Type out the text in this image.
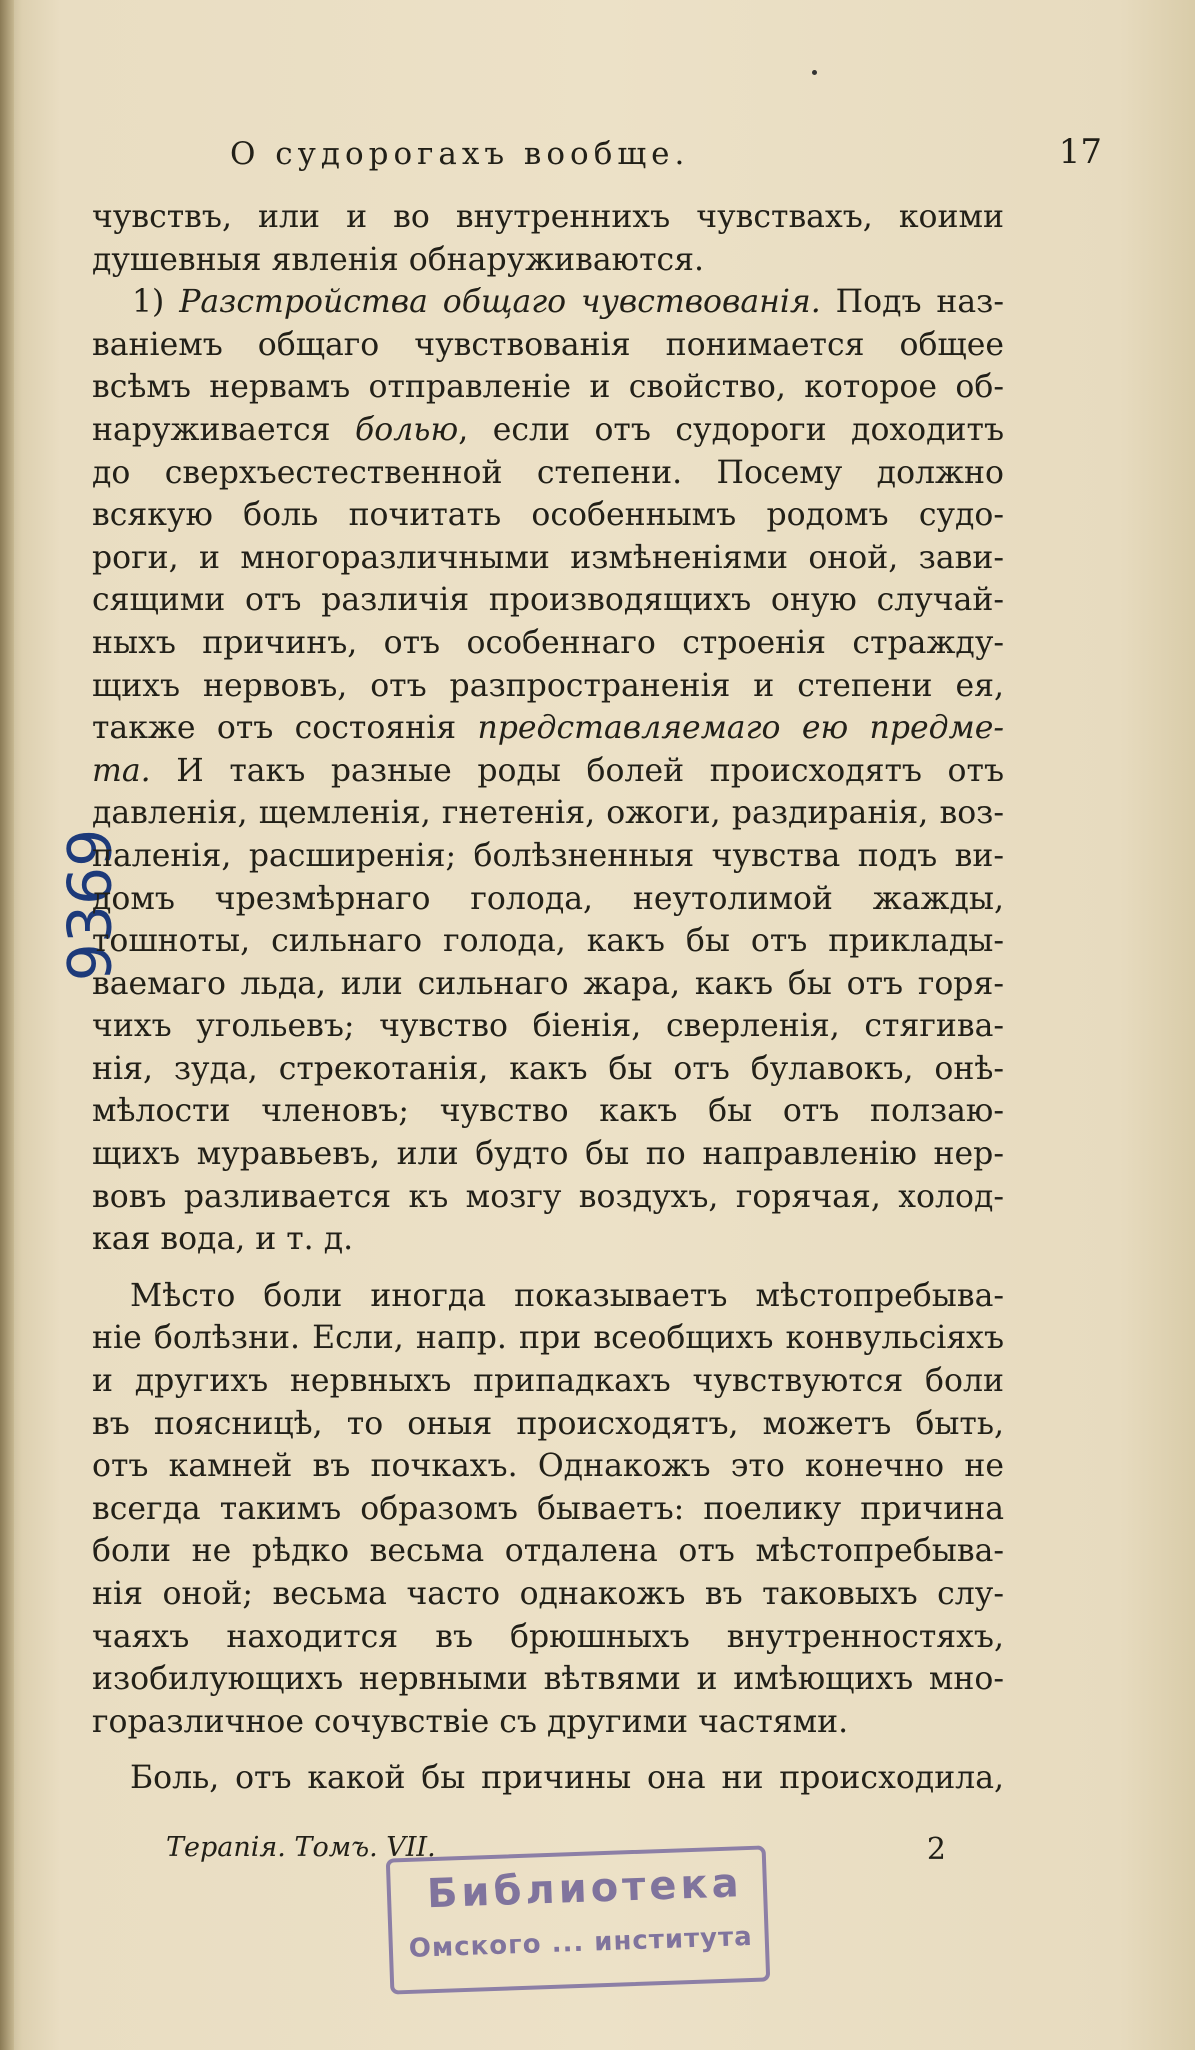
О судорогахъ вообще.	17
9369
чувствъ, или и во внутреннихъ чувствахъ, коими
душевныя явленія обнаруживаются.
1) Разстройства общаго чувствованія. Подъ наз-
ваніемъ общаго чувствованія понимается общее
всѣмъ нервамъ отправленіе и свойство, которое об-
наруживается болью, если отъ судороги доходитъ
до сверхъестественной степени. Посему должно
всякую боль почитать особеннымъ родомъ судо-
роги, и многоразличными измѣненіями оной, зави-
сящими отъ различія производящихъ оную случай-
ныхъ причинъ, отъ особеннаго строенія стражду-
щихъ нервовъ, отъ разпространенія и степени ея,
также отъ состоянія представляемаго ею предме-
та. И такъ разные роды болей происходятъ отъ
давленія, щемленія, гнетенія, ожоги, раздиранія, воз-
паленія, расширенія; болѣзненныя чувства подъ ви-
домъ чрезмѣрнаго голода, неутолимой жажды,
тошноты, сильнаго голода, какъ бы отъ приклады-
ваемаго льда, или сильнаго жара, какъ бы отъ горя-
чихъ угольевъ; чувство біенія, сверленія, стягива-
нія, зуда, стрекотанія, какъ бы отъ булавокъ, онѣ-
мѣлости членовъ; чувство какъ бы отъ ползаю-
щихъ муравьевъ, или будто бы по направленію нер-
вовъ разливается къ мозгу воздухъ, горячая, холод-
кая вода, и т. д.
Мѣсто боли иногда показываетъ мѣстопребыва-
ніе болѣзни. Если, напр. при всеобщихъ конвульсіяхъ
и другихъ нервныхъ припадкахъ чувствуются боли
въ поясницѣ, то оныя происходятъ, можетъ быть,
отъ камней въ почкахъ. Однакожъ это конечно не
всегда такимъ образомъ бываетъ: поелику причина
боли не рѣдко весьма отдалена отъ мѣстопребыва-
нія оной; весьма часто однакожъ въ таковыхъ слу-
чаяхъ находится въ брюшныхъ внутренностяхъ,
изобилующихъ нервными вѣтвями и имѣющихъ мно-
горазличное сочувствіе съ другими частями.
Боль, отъ какой бы причины она ни происходила,
Терапія. Томъ. VII.	2
Библиотека
Омского ... института
